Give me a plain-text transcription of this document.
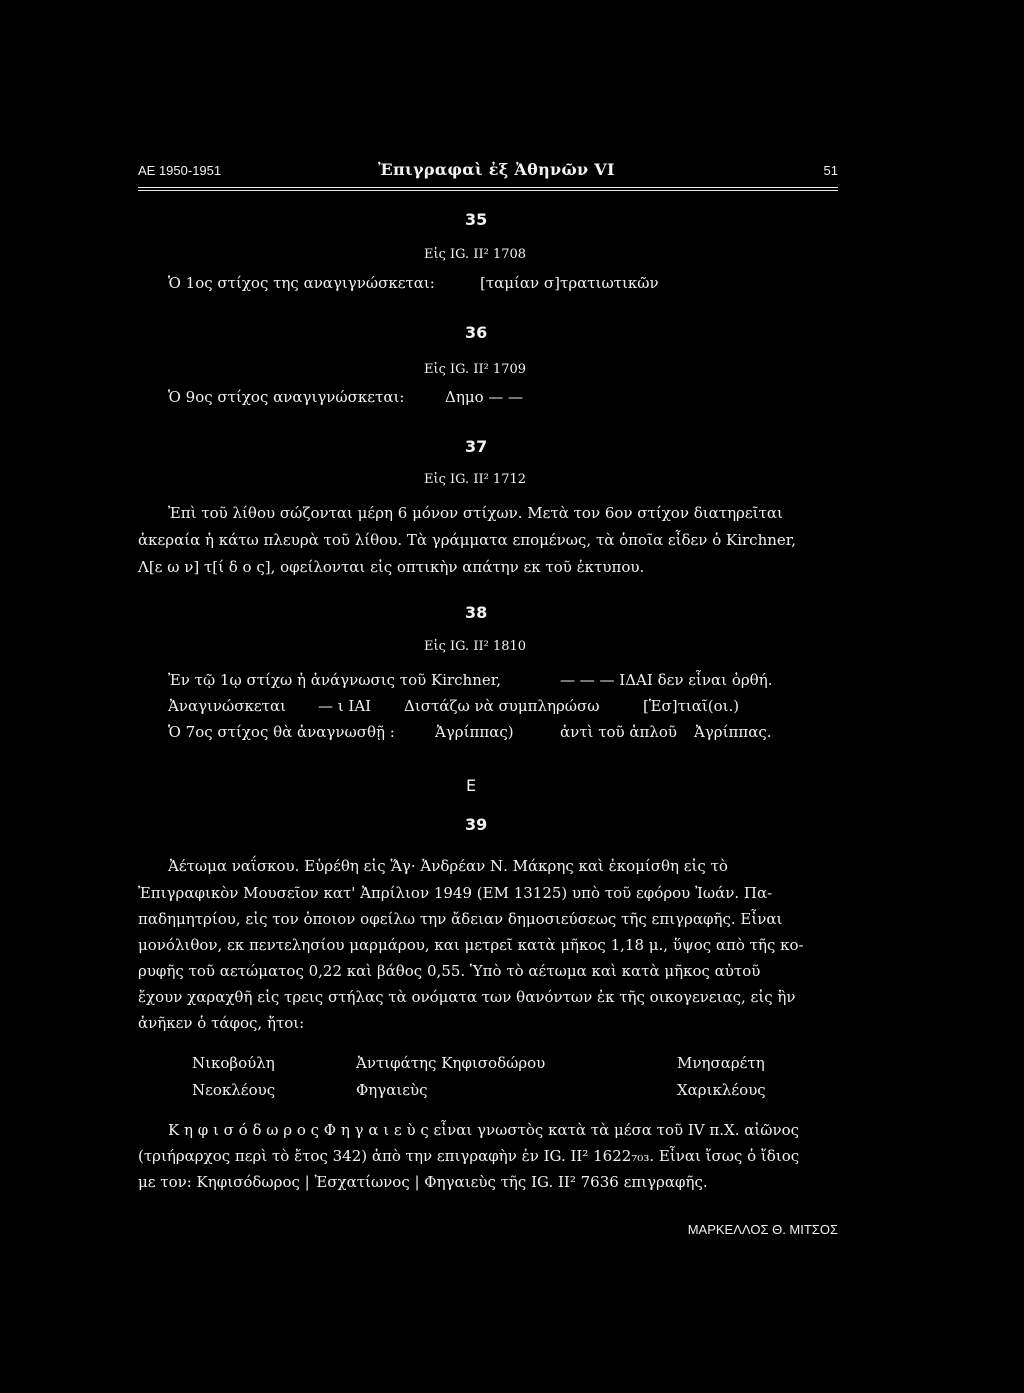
ΑΕ 1950-1951	Ἐπιγραφαὶ ἐξ Ἀθηνῶν VI	51
35
Εἰς IG. II² 1708
Ὁ 1ος στίχος της αναγιγνώσκεται:	[ταμίαν σ]τρατιωτικῶν
36
Εἰς IG. II² 1709
Ὁ 9ος στίχος αναγιγνώσκεται:	Δημο — —
37
Εἰς IG. II² 1712
Ἐπὶ τοῦ λίθου σώζονται μέρη 6 μόνον στίχων. Μετὰ τον 6ον στίχον διατηρεῖται
ἀκεραία ἡ κάτω πλευρὰ τοῦ λίθου. Τὰ γράμματα επομένως, τὰ ὁποῖα εἶδεν ὁ Kirchner,
Λ[ε ω ν] τ[ί δ ο ς], οφείλονται εἰς οπτικὴν απάτην εκ τοῦ ἐκτυπου.
38
Εἰς IG. II² 1810
Ἐν τῷ 1ῳ στίχω ἡ ἀνάγνωσις τοῦ Kirchner,	— — — ΙΔΑΙ δεν εἶναι ὀρθή.
Ἀναγινώσκεται — ι ΙΑΙ Διστάζω νὰ συμπληρώσω	[Ἑσ]τιαῖ(οι.)
Ὁ 7ος στίχος θὰ ἀναγνωσθῇ :	Ἀγρίππας)	ἀντὶ τοῦ ἁπλοῦ Ἀγρίππας.
Ε
39
Ἀέτωμα ναΐσκου. Εὑρέθη εἰς Ἅγ· Ἀνδρέαν Ν. Μάκρης καὶ ἐκομίσθη εἰς τὸ
Ἐπιγραφικὸν Μουσεῖον κατ' Ἀπρίλιον 1949 (ΕΜ 13125) υπὸ τοῦ εφόρου Ἰωάν. Πα-
παδημητρίου, εἰς τον ὁποιον οφείλω την ἄδειαν δημοσιεύσεως τῆς επιγραφῆς. Εἶναι
μονόλιθον, εκ πεντελησίου μαρμάρου, και μετρεῖ κατὰ μῆκος 1,18 μ., ὕψος απὸ τῆς κο-
ρυφῆς τοῦ αετώματος 0,22 καὶ βάθος 0,55. Ὑπὸ τὸ αέτωμα καὶ κατὰ μῆκος αὐτοῦ
ἔχουν χαραχθῆ εἰς τρεις στήλας τὰ ονόματα των θανόντων ἐκ τῆς οικογενειας, εἰς ἣν
ἀνῆκεν ὁ τάφος, ἤτοι:
Νικοβούλη	Ἀντιφάτης Κηφισοδώρου	Μνησαρέτη
Νεοκλέους	Φηγαιεὺς	Χαρικλέους
Κ η φ ι σ ό δ ω ρ ο ς Φ η γ α ι ε ὺ ς εἶναι γνωστὸς κατὰ τὰ μέσα τοῦ IV π.Χ. αἰῶνος
(τριήραρχος περὶ τὸ ἔτος 342) ἀπὸ την επιγραφὴν ἐν IG. II² 1622₇₀₃. Εἶναι ἴσως ὁ ἴδιος
με τον: Κηφισόδωρος | Ἐσχατίωνος | Φηγαιεὺς τῆς IG. II² 7636 επιγραφῆς.
ΜΑΡΚΕΛΛΟΣ Θ. ΜΙΤΣΟΣ
